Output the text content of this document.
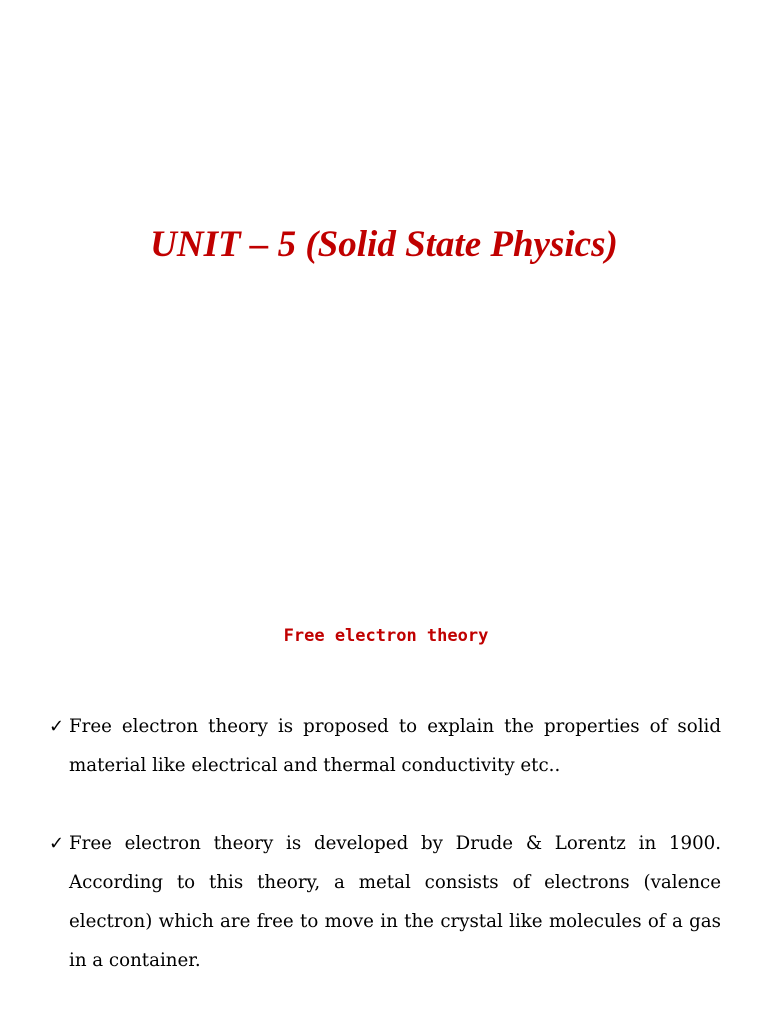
UNIT – 5 (Solid State Physics)
Free electron theory
✓ Free electron theory is proposed to explain the properties of solid material like electrical and thermal conductivity etc..
✓ Free electron theory is developed by Drude & Lorentz in 1900. According to this theory, a metal consists of electrons (valence electron) which are free to move in the crystal like molecules of a gas in a container.
